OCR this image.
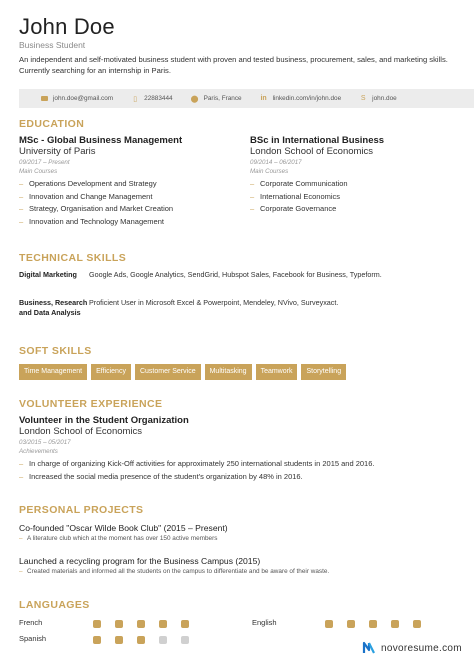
John Doe
Business Student
An independent and self-motivated business student with proven and tested business, procurement, sales, and marketing skills. Currently searching for an internship in Paris.
john.doe@gmail.com	▯	22883444	⬤ Paris, France	in linkedin.com/in/john.doe	S john.doe
EDUCATION
MSc - Global Business Management
University of Paris
09/2017 – Present
Main Courses
– Operations Development and Strategy
– Innovation and Change Management
– Strategy, Organisation and Market Creation
– Innovation and Technology Management
BSc in International Business
London School of Economics
09/2014 – 06/2017
Main Courses
– Corporate Communication
– International Economics
– Corporate Governance
TECHNICAL SKILLS
Digital Marketing	Google Ads, Google Analytics, SendGrid, Hubspot Sales, Facebook for Business, Typeform.
Business, Research and Data Analysis
Proficient User in Microsoft Excel & Powerpoint, Mendeley, NVivo, Surveyxact.
SOFT SKILLS
Time Management	Efficiency	Customer Service	Multitasking	Teamwork	Storytelling
VOLUNTEER EXPERIENCE
Volunteer in the Student Organization
London School of Economics
03/2015 – 05/2017
Achievements
– In charge of organizing Kick-Off activities for approximately 250 international students in 2015 and 2016.
– Increased the social media presence of the student's organization by 48% in 2016.
PERSONAL PROJECTS
Co-founded "Oscar Wilde Book Club" (2015 – Present)
– A literature club which at the moment has over 150 active members
Launched a recycling program for the Business Campus (2015)
– Created materials and informed all the students on the campus to differentiate and be aware of their waste.
LANGUAGES
French	English
Spanish
novoresume.com
